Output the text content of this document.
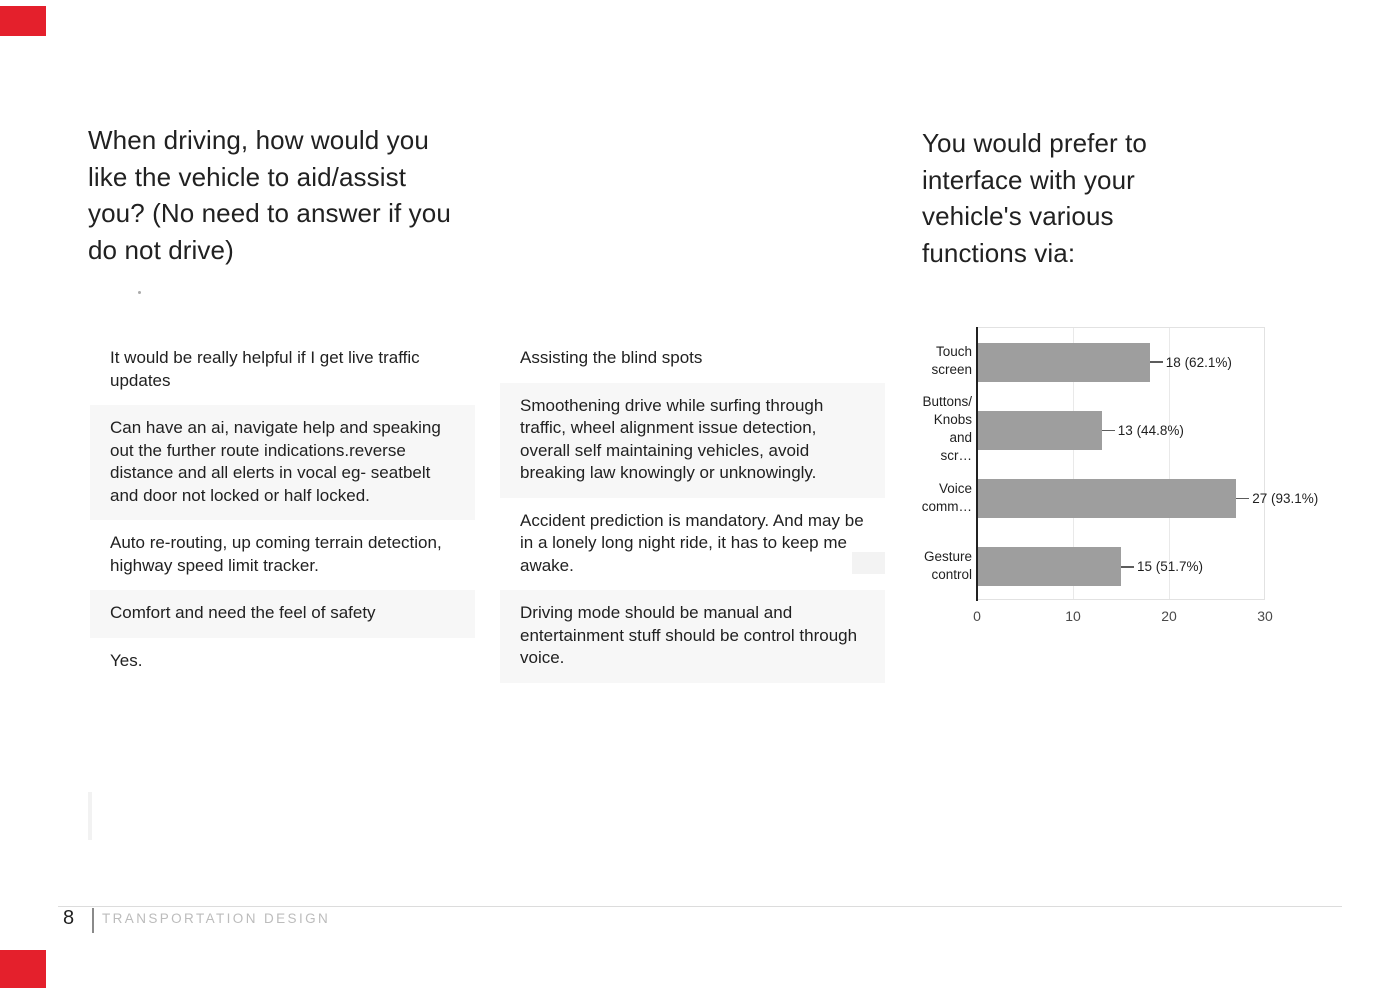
When driving, how would you like the vehicle to aid/assist you? (No need to answer if you do not drive)

It would be really helpful if I get live traffic updates

Can have an ai, navigate help and speaking out the further route indications.reverse distance and all elerts in vocal eg- seatbelt and door not locked or half locked.

Auto re-routing, up coming terrain detection, highway speed limit tracker.

Comfort and need the feel of safety

Yes.

Assisting the blind spots

Smoothening drive while surfing through traffic, wheel alignment issue detection, overall self maintaining vehicles, avoid breaking law knowingly or unknowingly.

Accident prediction is mandatory. And may be in a lonely long night ride, it has to keep me awake.

Driving mode should be manual and entertainment stuff should be control through voice.

You would prefer to interface with your vehicle's various functions via:
Touch
screen
Buttons/
Knobs
and scr…
Voice
comm…
Gesture
control
18 (62.1%)
13 (44.8%)
27 (93.1%)
15 (51.7%)
0	10	20	30
8 TRANSPORTATION DESIGN
